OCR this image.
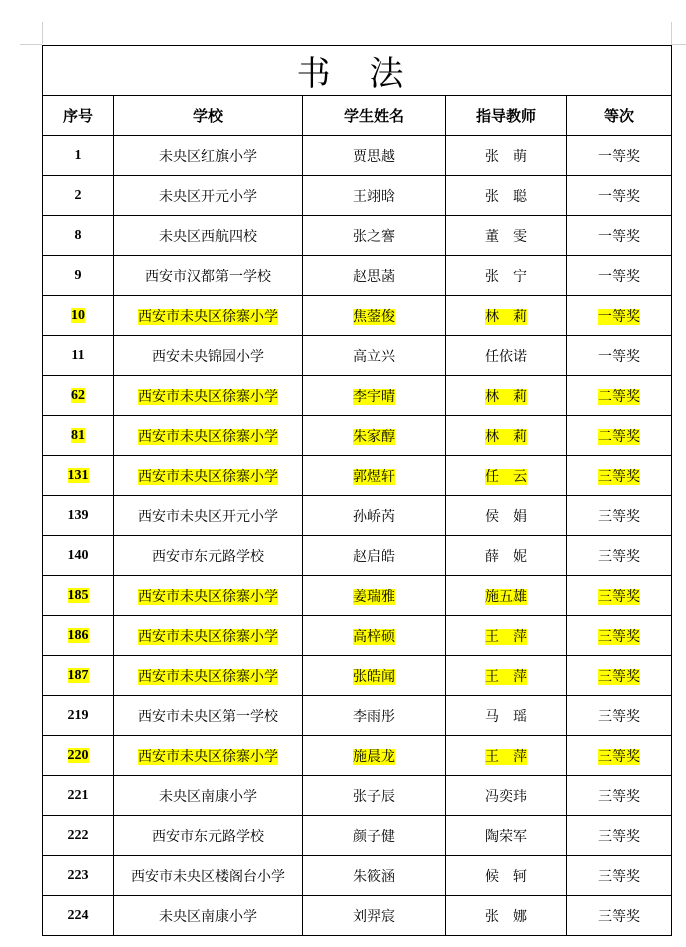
书 法				
序号	学校	学生姓名	指导教师	等次
1	未央区红旗小学	贾思越	张　萌	一等奖
2	未央区开元小学	王翊晗	张　聪	一等奖
8	未央区西航四校	张之謇	董　雯	一等奖
9	西安市汉都第一学校	赵思菡	张　宁	一等奖
10	西安市未央区徐寨小学	焦蓥俊	林　莉	一等奖
11	西安未央锦园小学	高立兴	任依诺	一等奖
62	西安市未央区徐寨小学	李宇晴	林　莉	二等奖
81	西安市未央区徐寨小学	朱家醇	林　莉	二等奖
131	西安市未央区徐寨小学	郭煜轩	任　云	三等奖
139	西安市未央区开元小学	孙峤芮	侯　娟	三等奖
140	西安市东元路学校	赵启皓	薛　妮	三等奖
185	西安市未央区徐寨小学	姜瑞雅	施五雄	三等奖
186	西安市未央区徐寨小学	高梓硕	王　萍	三等奖
187	西安市未央区徐寨小学	张皓闻	王　萍	三等奖
219	西安市未央区第一学校	李雨彤	马　瑶	三等奖
220	西安市未央区徐寨小学	施晨龙	王　萍	三等奖
221	未央区南康小学	张子辰	冯奕玮	三等奖
222	西安市东元路学校	颜子健	陶荣军	三等奖
223	西安市未央区楼阁台小学	朱筱涵	候　轲	三等奖
224	未央区南康小学	刘羿宸	张　娜	三等奖
